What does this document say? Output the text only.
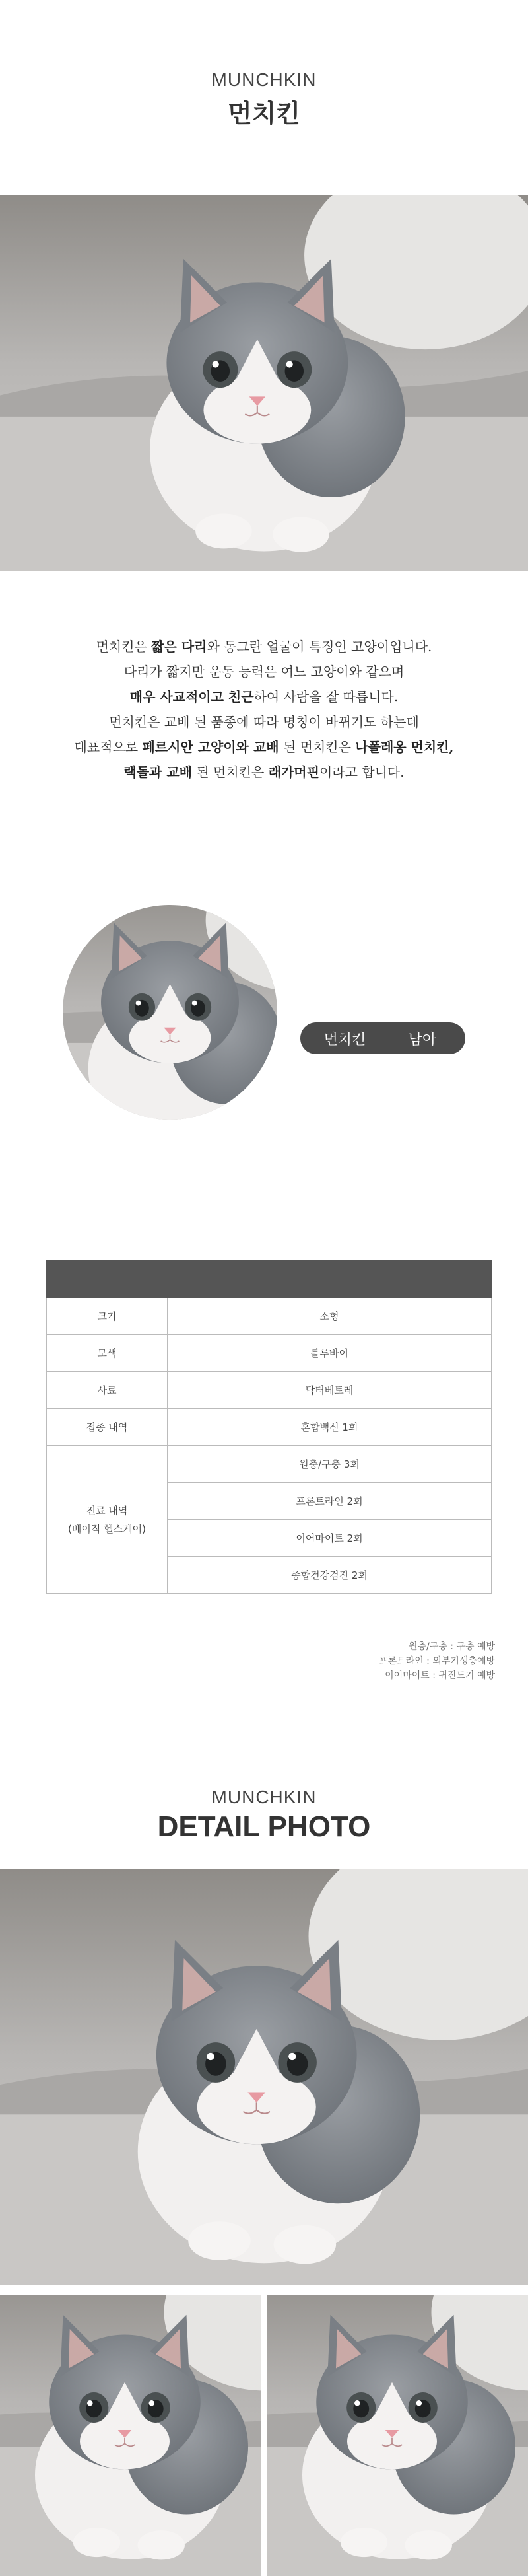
MUNCHKIN
먼치킨
먼치킨은 짧은 다리와 동그란 얼굴이 특징인 고양이입니다.
다리가 짧지만 운동 능력은 여느 고양이와 같으며
매우 사교적이고 친근하여 사람을 잘 따릅니다.
먼치킨은 교배 된 품종에 따라 명칭이 바뀌기도 하는데
대표적으로 페르시안 고양이와 교배 된 먼치킨은 나폴레옹 먼치킨,
랙돌과 교배 된 먼치킨은 래가머핀이라고 합니다.
먼치킨	남아

크기	소형
모색	블루바이
사료	닥터베토레
접종 내역	혼합백신 1회

진료 내역
(베이직 헬스케어)	원충/구충 3회
	프론트라인 2회
	이어마이트 2회
	종합건강검진 2회
원충/구충 : 구충 예방
프론트라인 : 외부기생충예방
이어마이트 : 귀진드기 예방
MUNCHKIN
DETAIL PHOTO
